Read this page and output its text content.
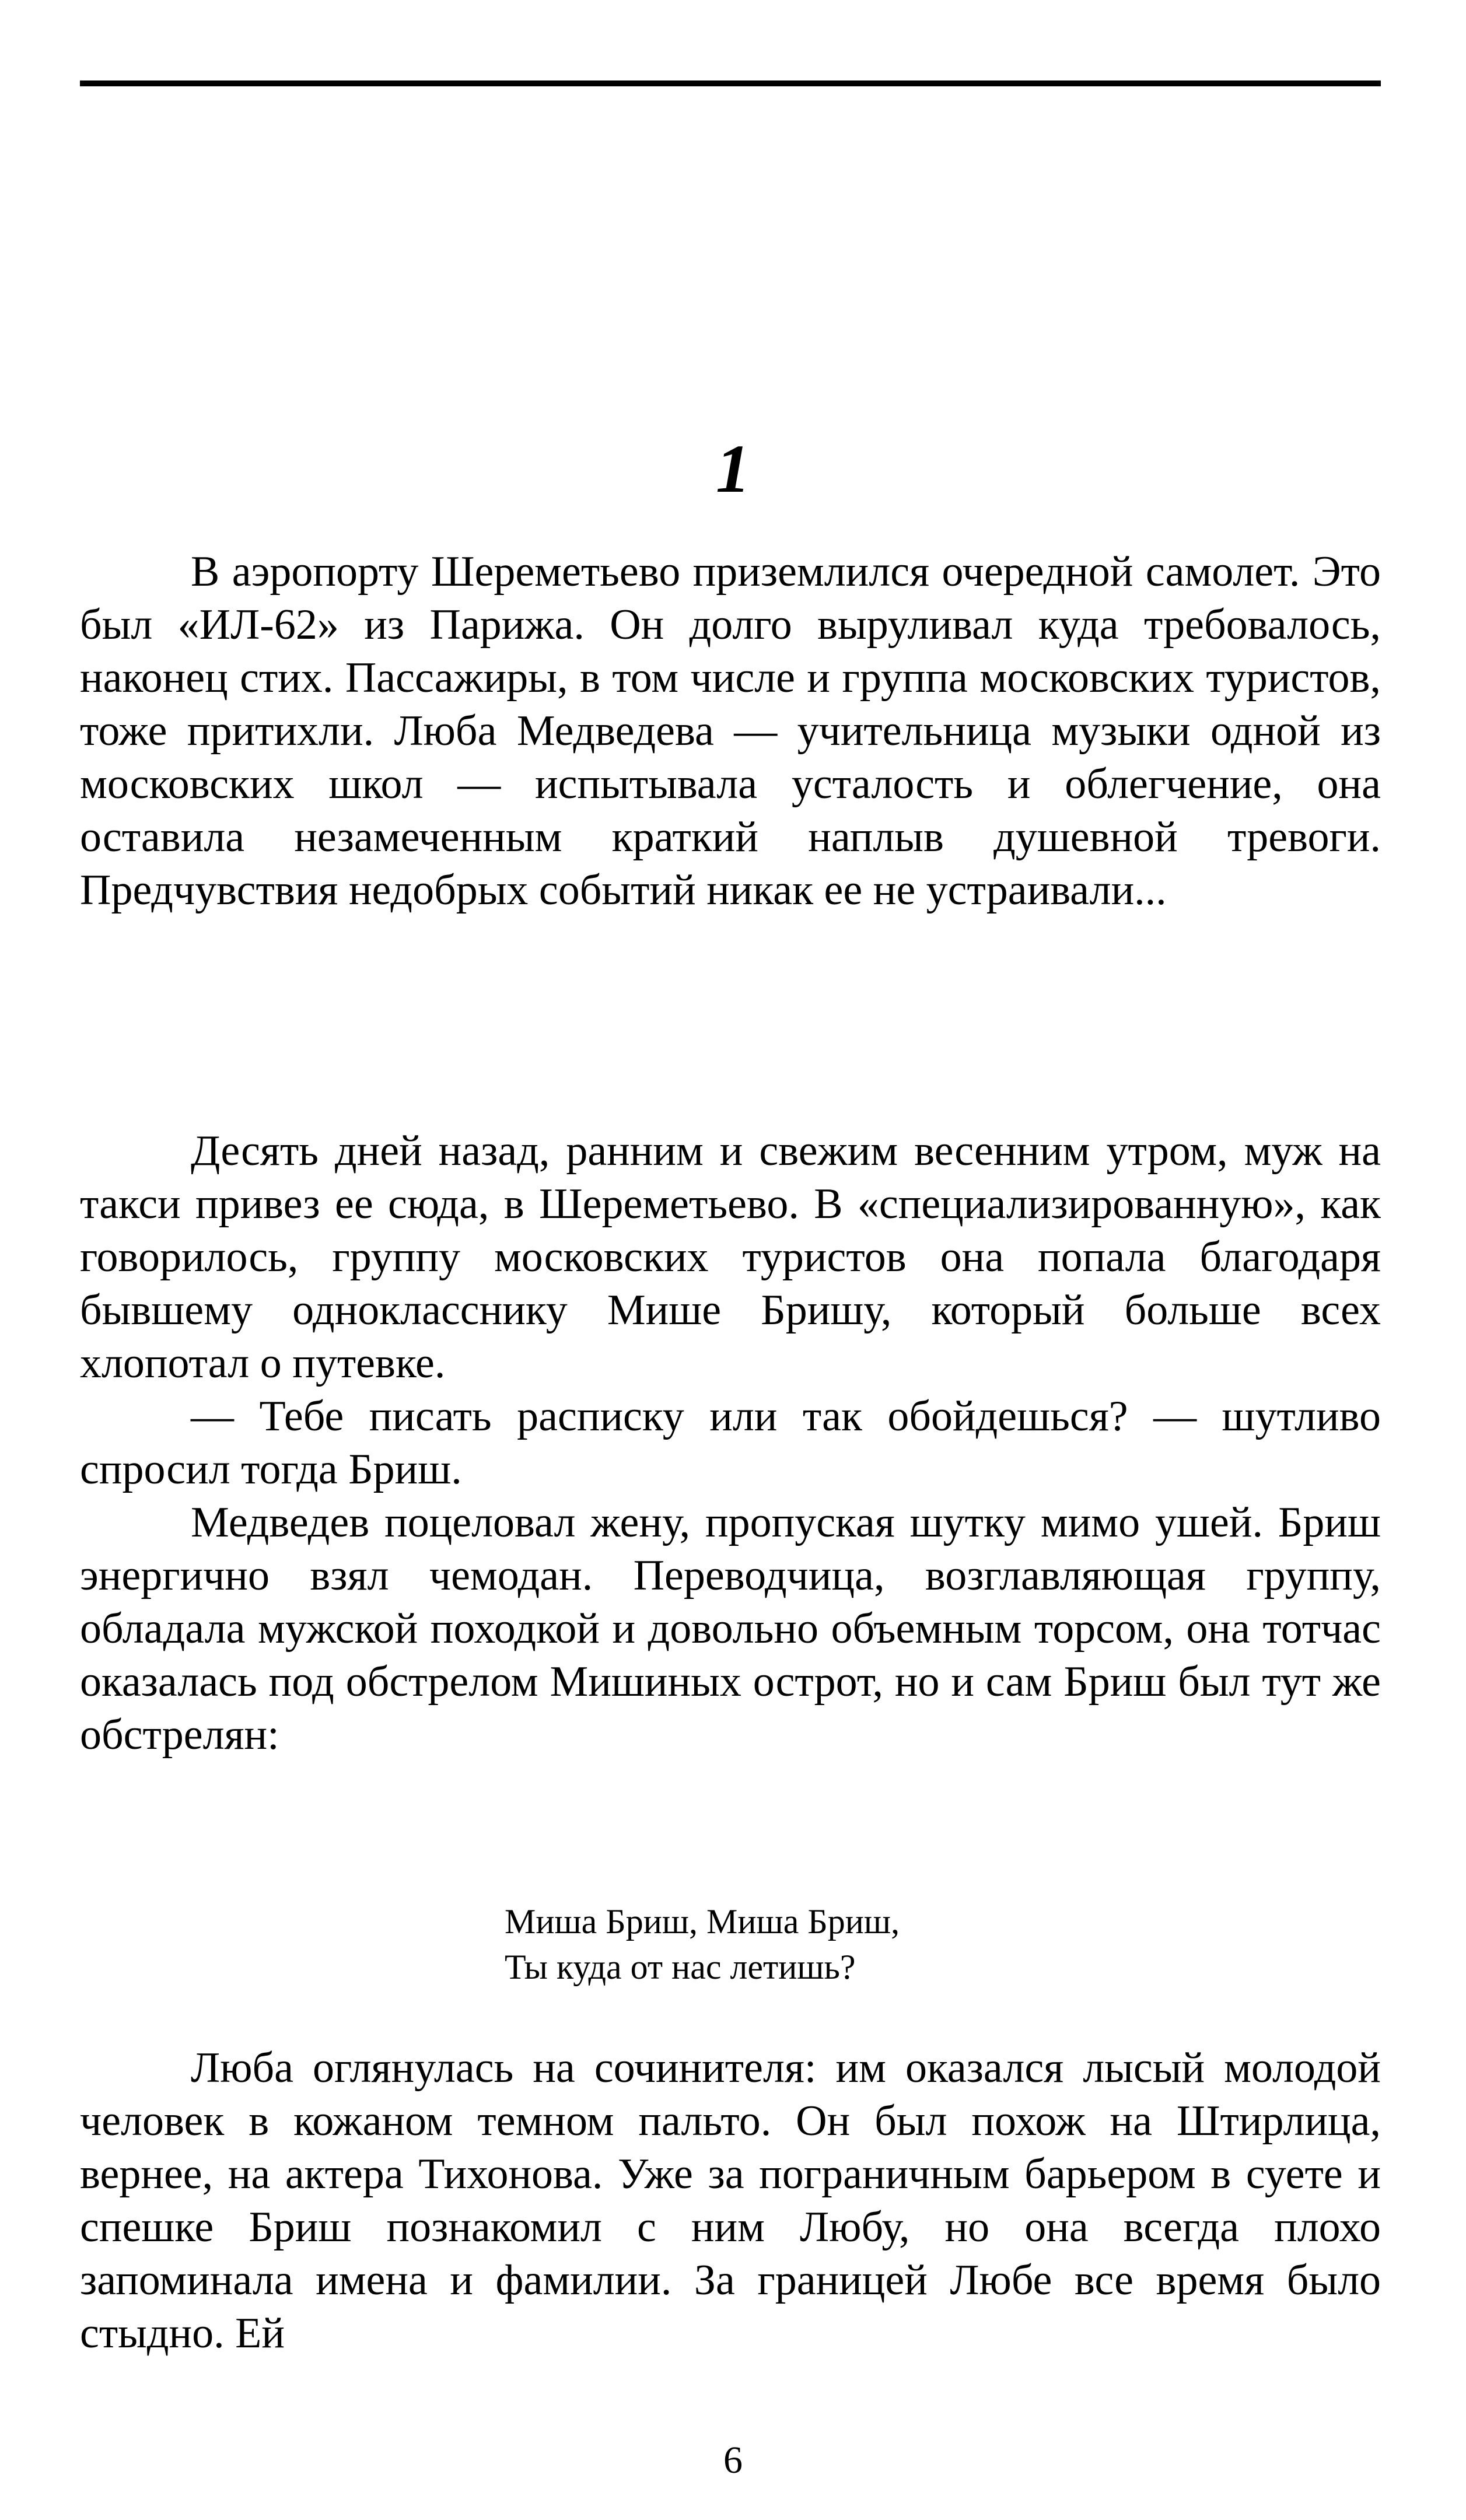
1

В аэропорту Шереметьево приземлился очередной самолет. Это был «ИЛ-62» из Парижа. Он долго выруливал куда требовалось, наконец стих. Пассажиры, в том числе и группа московских туристов, тоже притихли. Люба Медведева — учительница музыки одной из московских школ — испытывала усталость и облегчение, она оставила незамеченным краткий наплыв душевной тревоги. Предчувствия недобрых событий никак ее не устраивали...

Десять дней назад, ранним и свежим весенним утром, муж на такси привез ее сюда, в Шереметьево. В «специализированную», как говорилось, группу московских туристов она попала благодаря бывшему однокласснику Мише Бришу, который больше всех хлопотал о путевке.

— Тебе писать расписку или так обойдешься? — шутливо спросил тогда Бриш.

Медведев поцеловал жену, пропуская шутку мимо ушей. Бриш энергично взял чемодан. Переводчица, возглавляющая группу, обладала мужской походкой и довольно объемным торсом, она тотчас оказалась под обстрелом Мишиных острот, но и сам Бриш был тут же обстрелян:

Миша Бриш, Миша Бриш,
Ты куда от нас летишь?

Люба оглянулась на сочинителя: им оказался лысый молодой человек в кожаном темном пальто. Он был похож на Штирлица, вернее, на актера Тихонова. Уже за пограничным барьером в суете и спешке Бриш познакомил с ним Любу, но она всегда плохо запоминала имена и фамилии. За границей Любе все время было стыдно. Ей

6
